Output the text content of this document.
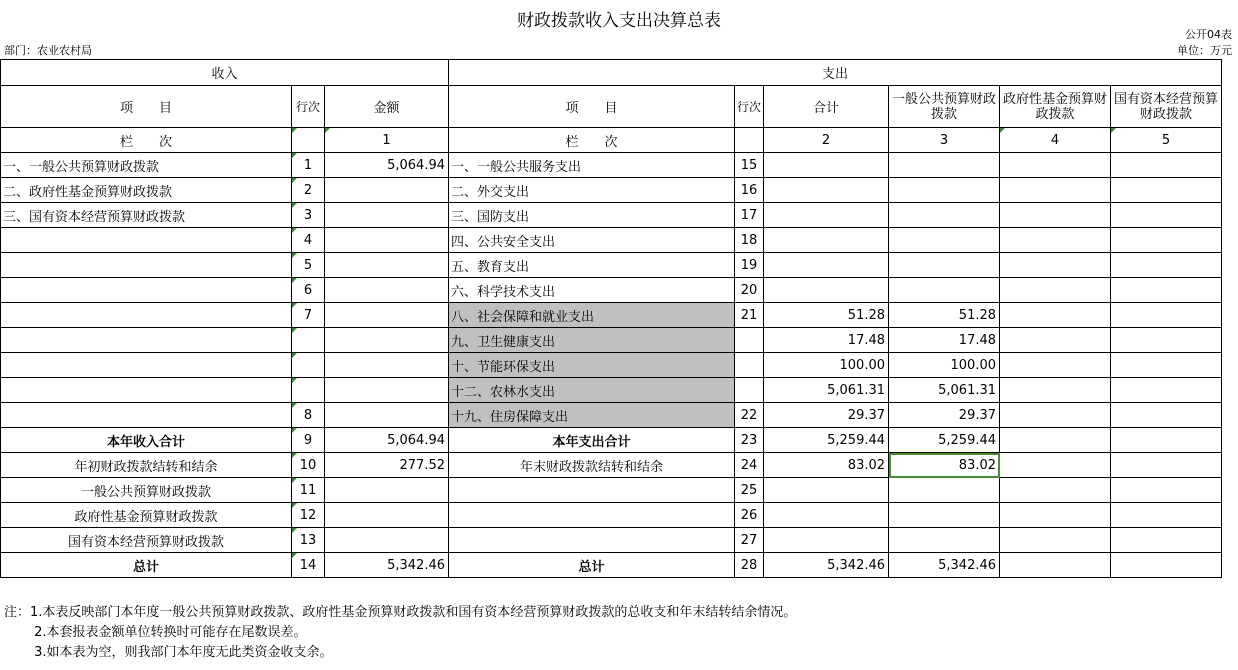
财政拨款收入支出决算总表
公开04表
部门：农业农村局	单位：万元
收入			支出					
项　　目	行次	金额	项　　目	行次	合计	一般公共预算财政拨款	政府性基金预算财政拨款	国有资本经营预算财政拨款
栏　　次		1	栏　　次		2	3	4	5
一、一般公共预算财政拨款	1	5,064.94	一、一般公共服务支出	15				
二、政府性基金预算财政拨款	2		二、外交支出	16				
三、国有资本经营预算财政拨款	3		三、国防支出	17				
	4		四、公共安全支出	18				
	5		五、教育支出	19				
	6		六、科学技术支出	20				
	7		八、社会保障和就业支出	21	51.28	51.28		
			九、卫生健康支出		17.48	17.48		
			十、节能环保支出		100.00	100.00		
			十二、农林水支出		5,061.31	5,061.31		
	8		十九、住房保障支出	22	29.37	29.37		
本年收入合计	9	5,064.94	本年支出合计	23	5,259.44	5,259.44		
年初财政拨款结转和结余	10	277.52	年末财政拨款结转和结余	24	83.02	83.02		
一般公共预算财政拨款	11			25				
政府性基金预算财政拨款	12			26				
国有资本经营预算财政拨款	13			27				
总计	14	5,342.46	总计	28	5,342.46	5,342.46		
注：1.本表反映部门本年度一般公共预算财政拨款、政府性基金预算财政拨款和国有资本经营预算财政拨款的总收支和年末结转结余情况。
　　 2.本套报表金额单位转换时可能存在尾数误差。
　　 3.如本表为空，则我部门本年度无此类资金收支余。
